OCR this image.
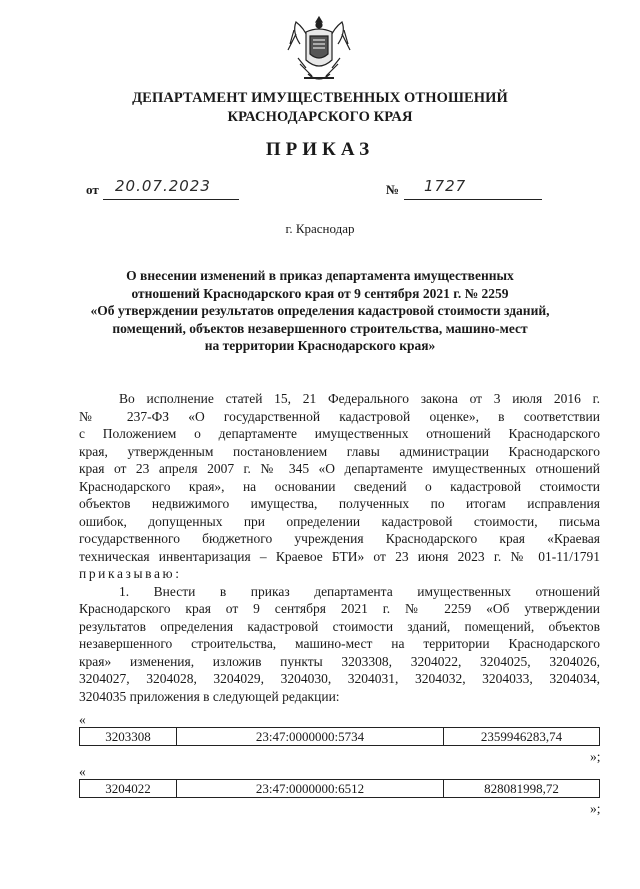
ДЕПАРТАМЕНТ ИМУЩЕСТВЕННЫХ ОТНОШЕНИЙ
КРАСНОДАРСКОГО КРАЯ
ПРИКАЗ
от 20.07.2023	№ 1727
г. Краснодар
О внесении изменений в приказ департамента имущественных
отношений Краснодарского края от 9 сентября 2021 г. № 2259
«Об утверждении результатов определения кадастровой стоимости зданий,
помещений, объектов незавершенного строительства, машино-мест
на территории Краснодарского края»
Во исполнение статей 15, 21 Федерального закона от 3 июля 2016 г.
№ 237-ФЗ «О государственной кадастровой оценке», в соответствии
с Положением о департаменте имущественных отношений Краснодарского
края, утвержденным постановлением главы администрации Краснодарского
края от 23 апреля 2007 г. № 345 «О департаменте имущественных отношений
Краснодарского края», на основании сведений о кадастровой стоимости
объектов недвижимого имущества, полученных по итогам исправления
ошибок, допущенных при определении кадастровой стоимости, письма
государственного бюджетного учреждения Краснодарского края «Краевая
техническая инвентаризация – Краевое БТИ» от 23 июня 2023 г. № 01-11/1791
приказываю:
1. Внести в приказ департамента имущественных отношений
Краснодарского края от 9 сентября 2021 г. № 2259 «Об утверждении
результатов определения кадастровой стоимости зданий, помещений, объектов
незавершенного строительства, машино-мест на территории Краснодарского
края» изменения, изложив пункты 3203308, 3204022, 3204025, 3204026,
3204027, 3204028, 3204029, 3204030, 3204031, 3204032, 3204033, 3204034,
3204035 приложения в следующей редакции:
«
3203308	23:47:0000000:5734	2359946283,74
»;
«
3204022	23:47:0000000:6512	828081998,72
»;
